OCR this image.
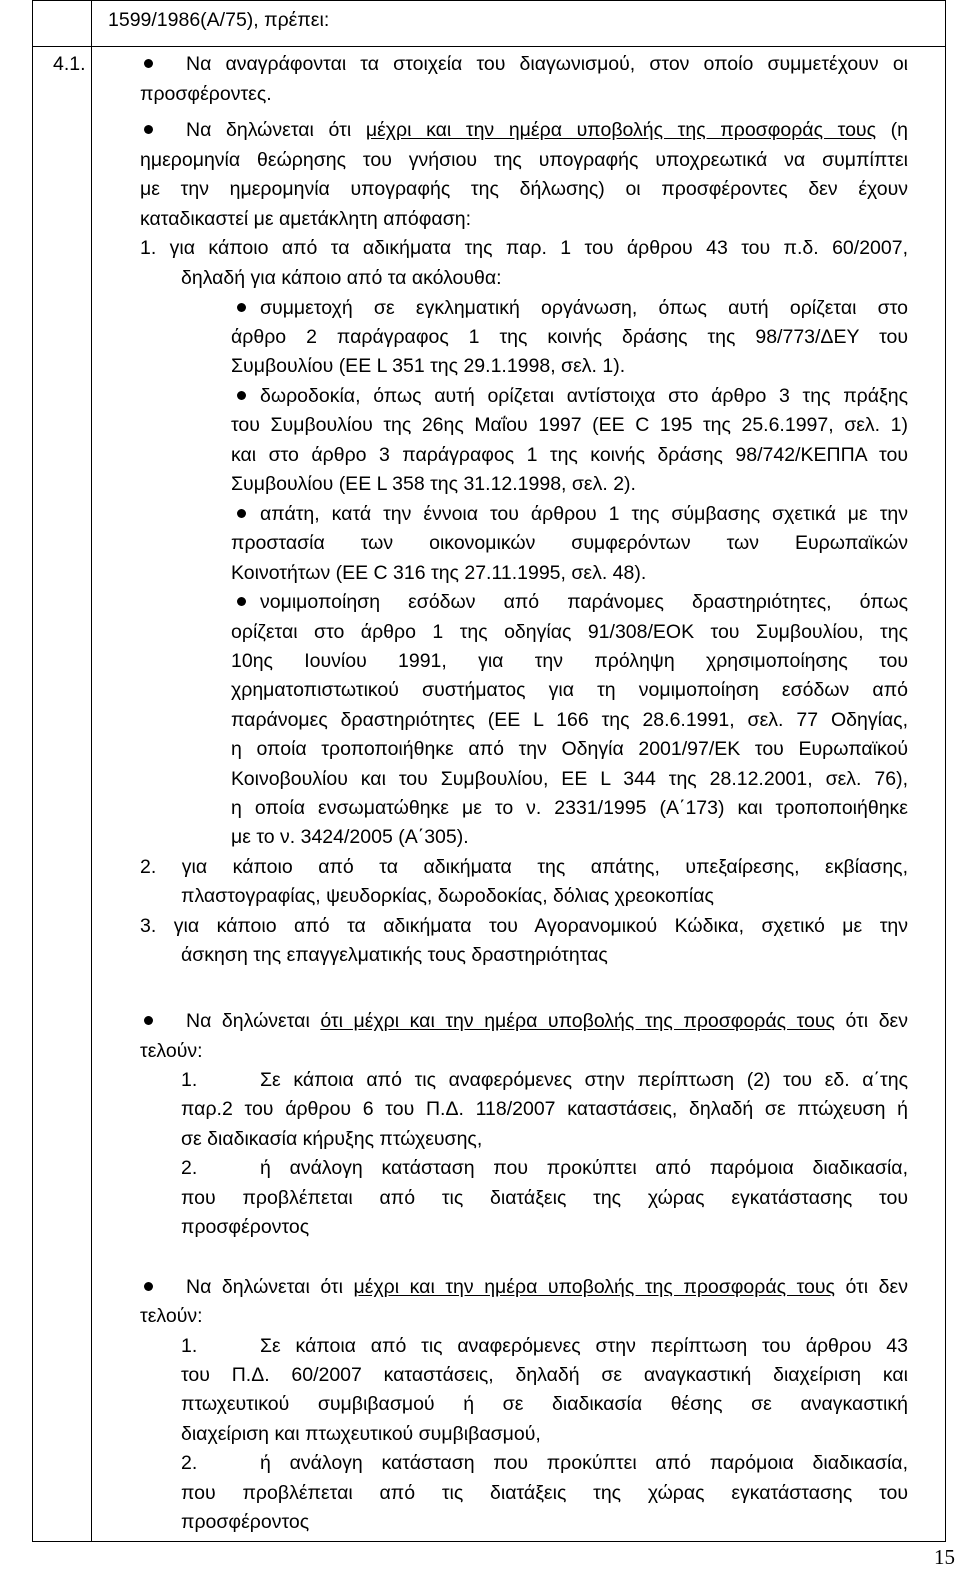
1599/1986(Α/75), πρέπει:
4.1.	Να αναγράφονται τα στοιχεία του διαγωνισμού, στον οποίο συμμετέχουν οι
προσφέροντες.
Να δηλώνεται ότι μέχρι και την ημέρα υποβολής της προσφοράς τους (η
ημερομηνία θεώρησης του γνήσιου της υπογραφής υποχρεωτικά να συμπίπτει
με την ημερομηνία υπογραφής της δήλωσης) οι προσφέροντες δεν έχουν
καταδικαστεί με αμετάκλητη απόφαση:
1. για κάποιο από τα αδικήματα της παρ. 1 του άρθρου 43 του π.δ. 60/2007,
δηλαδή για κάποιο από τα ακόλουθα:
συμμετοχή σε εγκληματική οργάνωση, όπως αυτή ορίζεται στο
άρθρο 2 παράγραφος 1 της κοινής δράσης της 98/773/ΔΕΥ του
Συμβουλίου (ΕΕ L 351 της 29.1.1998, σελ. 1).
δωροδοκία, όπως αυτή ορίζεται αντίστοιχα στο άρθρο 3 της πράξης
του Συμβουλίου της 26ης Μαΐου 1997 (ΕΕ C 195 της 25.6.1997, σελ. 1)
και στο άρθρο 3 παράγραφος 1 της κοινής δράσης 98/742/ΚΕΠΠΑ του
Συμβουλίου (ΕΕ L 358 της 31.12.1998, σελ. 2).
απάτη, κατά την έννοια του άρθρου 1 της σύμβασης σχετικά με την
προστασία των οικονομικών συμφερόντων των Ευρωπαϊκών
Κοινοτήτων (ΕΕ C 316 της 27.11.1995, σελ. 48).
νομιμοποίηση εσόδων από παράνομες δραστηριότητες, όπως
ορίζεται στο άρθρο 1 της οδηγίας 91/308/ΕΟΚ του Συμβουλίου, της
10ης Ιουνίου 1991, για την πρόληψη χρησιμοποίησης του
χρηματοπιστωτικού συστήματος για τη νομιμοποίηση εσόδων από
παράνομες δραστηριότητες (ΕΕ L 166 της 28.6.1991, σελ. 77 Οδηγίας,
η οποία τροποποιήθηκε από την Οδηγία 2001/97/ΕΚ του Ευρωπαϊκού
Κοινοβουλίου και του Συμβουλίου, ΕΕ L 344 της 28.12.2001, σελ. 76),
η οποία ενσωματώθηκε με το ν. 2331/1995 (Α΄173) και τροποποιήθηκε
με το ν. 3424/2005 (Α΄305).
2. για κάποιο από τα αδικήματα της απάτης, υπεξαίρεσης, εκβίασης,
πλαστογραφίας, ψευδορκίας, δωροδοκίας, δόλιας χρεοκοπίας
3. για κάποιο από τα αδικήματα του Αγορανομικού Κώδικα, σχετικό με την
άσκηση της επαγγελματικής τους δραστηριότητας
Να δηλώνεται ότι μέχρι και την ημέρα υποβολής της προσφοράς τους ότι δεν
τελούν:
1.	Σε κάποια από τις αναφερόμενες στην περίπτωση (2) του εδ. α΄της
παρ.2 του άρθρου 6 του Π.Δ. 118/2007 καταστάσεις, δηλαδή σε πτώχευση ή
σε διαδικασία κήρυξης πτώχευσης,
2.	ή ανάλογη κατάσταση που προκύπτει από παρόμοια διαδικασία,
που προβλέπεται από τις διατάξεις της χώρας εγκατάστασης του
προσφέροντος
Να δηλώνεται ότι μέχρι και την ημέρα υποβολής της προσφοράς τους ότι δεν
τελούν:
1.	Σε κάποια από τις αναφερόμενες στην περίπτωση του άρθρου 43
του Π.Δ. 60/2007 καταστάσεις, δηλαδή σε αναγκαστική διαχείριση και
πτωχευτικού συμβιβασμού ή σε διαδικασία θέσης σε αναγκαστική
διαχείριση και πτωχευτικού συμβιβασμού,
2.	ή ανάλογη κατάσταση που προκύπτει από παρόμοια διαδικασία,
που προβλέπεται από τις διατάξεις της χώρας εγκατάστασης του
προσφέροντος
15
